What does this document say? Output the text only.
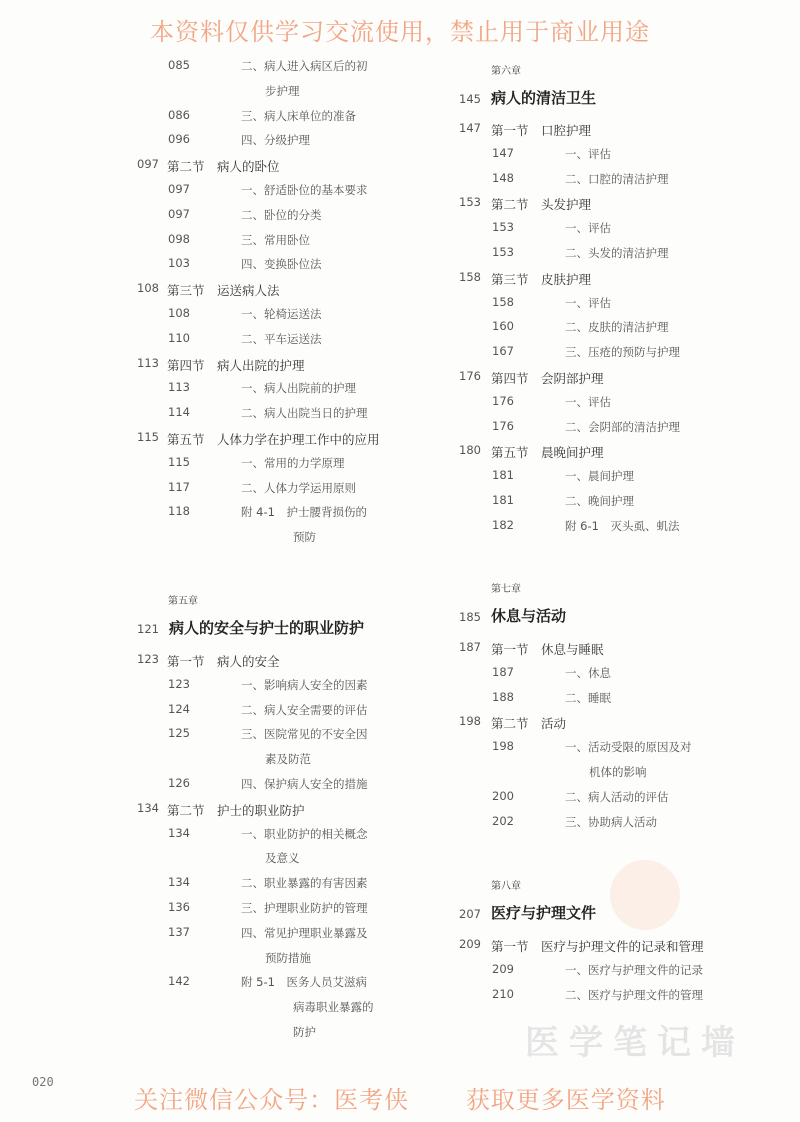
本资料仅供学习交流使用，禁止用于商业用途
医学笔记墙
085	二、病人进入病区后的初
步护理
086	三、病人床单位的准备
096	四、分级护理
097 第二节　病人的卧位
097	一、舒适卧位的基本要求
097	二、卧位的分类
098	三、常用卧位
103	四、变换卧位法
108 第三节　运送病人法
108	一、轮椅运送法
110	二、平车运送法
113 第四节　病人出院的护理
113	一、病人出院前的护理
114	二、病人出院当日的护理
115 第五节　人体力学在护理工作中的应用
115	一、常用的力学原理
117	二、人体力学运用原则
118	附 4-1　护士腰背损伤的
预防
第五章
121 病人的安全与护士的职业防护
123 第一节　病人的安全
123	一、影响病人安全的因素
124	二、病人安全需要的评估
125	三、医院常见的不安全因
素及防范
126	四、保护病人安全的措施
134 第二节　护士的职业防护
134	一、职业防护的相关概念
及意义
134	二、职业暴露的有害因素
136	三、护理职业防护的管理
137	四、常见护理职业暴露及
预防措施
142	附 5-1　医务人员艾滋病
病毒职业暴露的
防护
第六章
145 病人的清洁卫生
147 第一节　口腔护理
147	一、评估
148	二、口腔的清洁护理
153 第二节　头发护理
153	一、评估
153	二、头发的清洁护理
158 第三节　皮肤护理
158	一、评估
160	二、皮肤的清洁护理
167	三、压疮的预防与护理
176 第四节　会阴部护理
176	一、评估
176	二、会阴部的清洁护理
180 第五节　晨晚间护理
181	一、晨间护理
181	二、晚间护理
182	附 6-1　灭头虱、虮法
第七章
185 休息与活动
187 第一节　休息与睡眠
187	一、休息
188	二、睡眠
198 第二节　活动
198	一、活动受限的原因及对
机体的影响
200	二、病人活动的评估
202	三、协助病人活动
第八章
207 医疗与护理文件
209 第一节　医疗与护理文件的记录和管理
209	一、医疗与护理文件的记录
210	二、医疗与护理文件的管理
020
关注微信公众号：医考侠 获取更多医学资料
